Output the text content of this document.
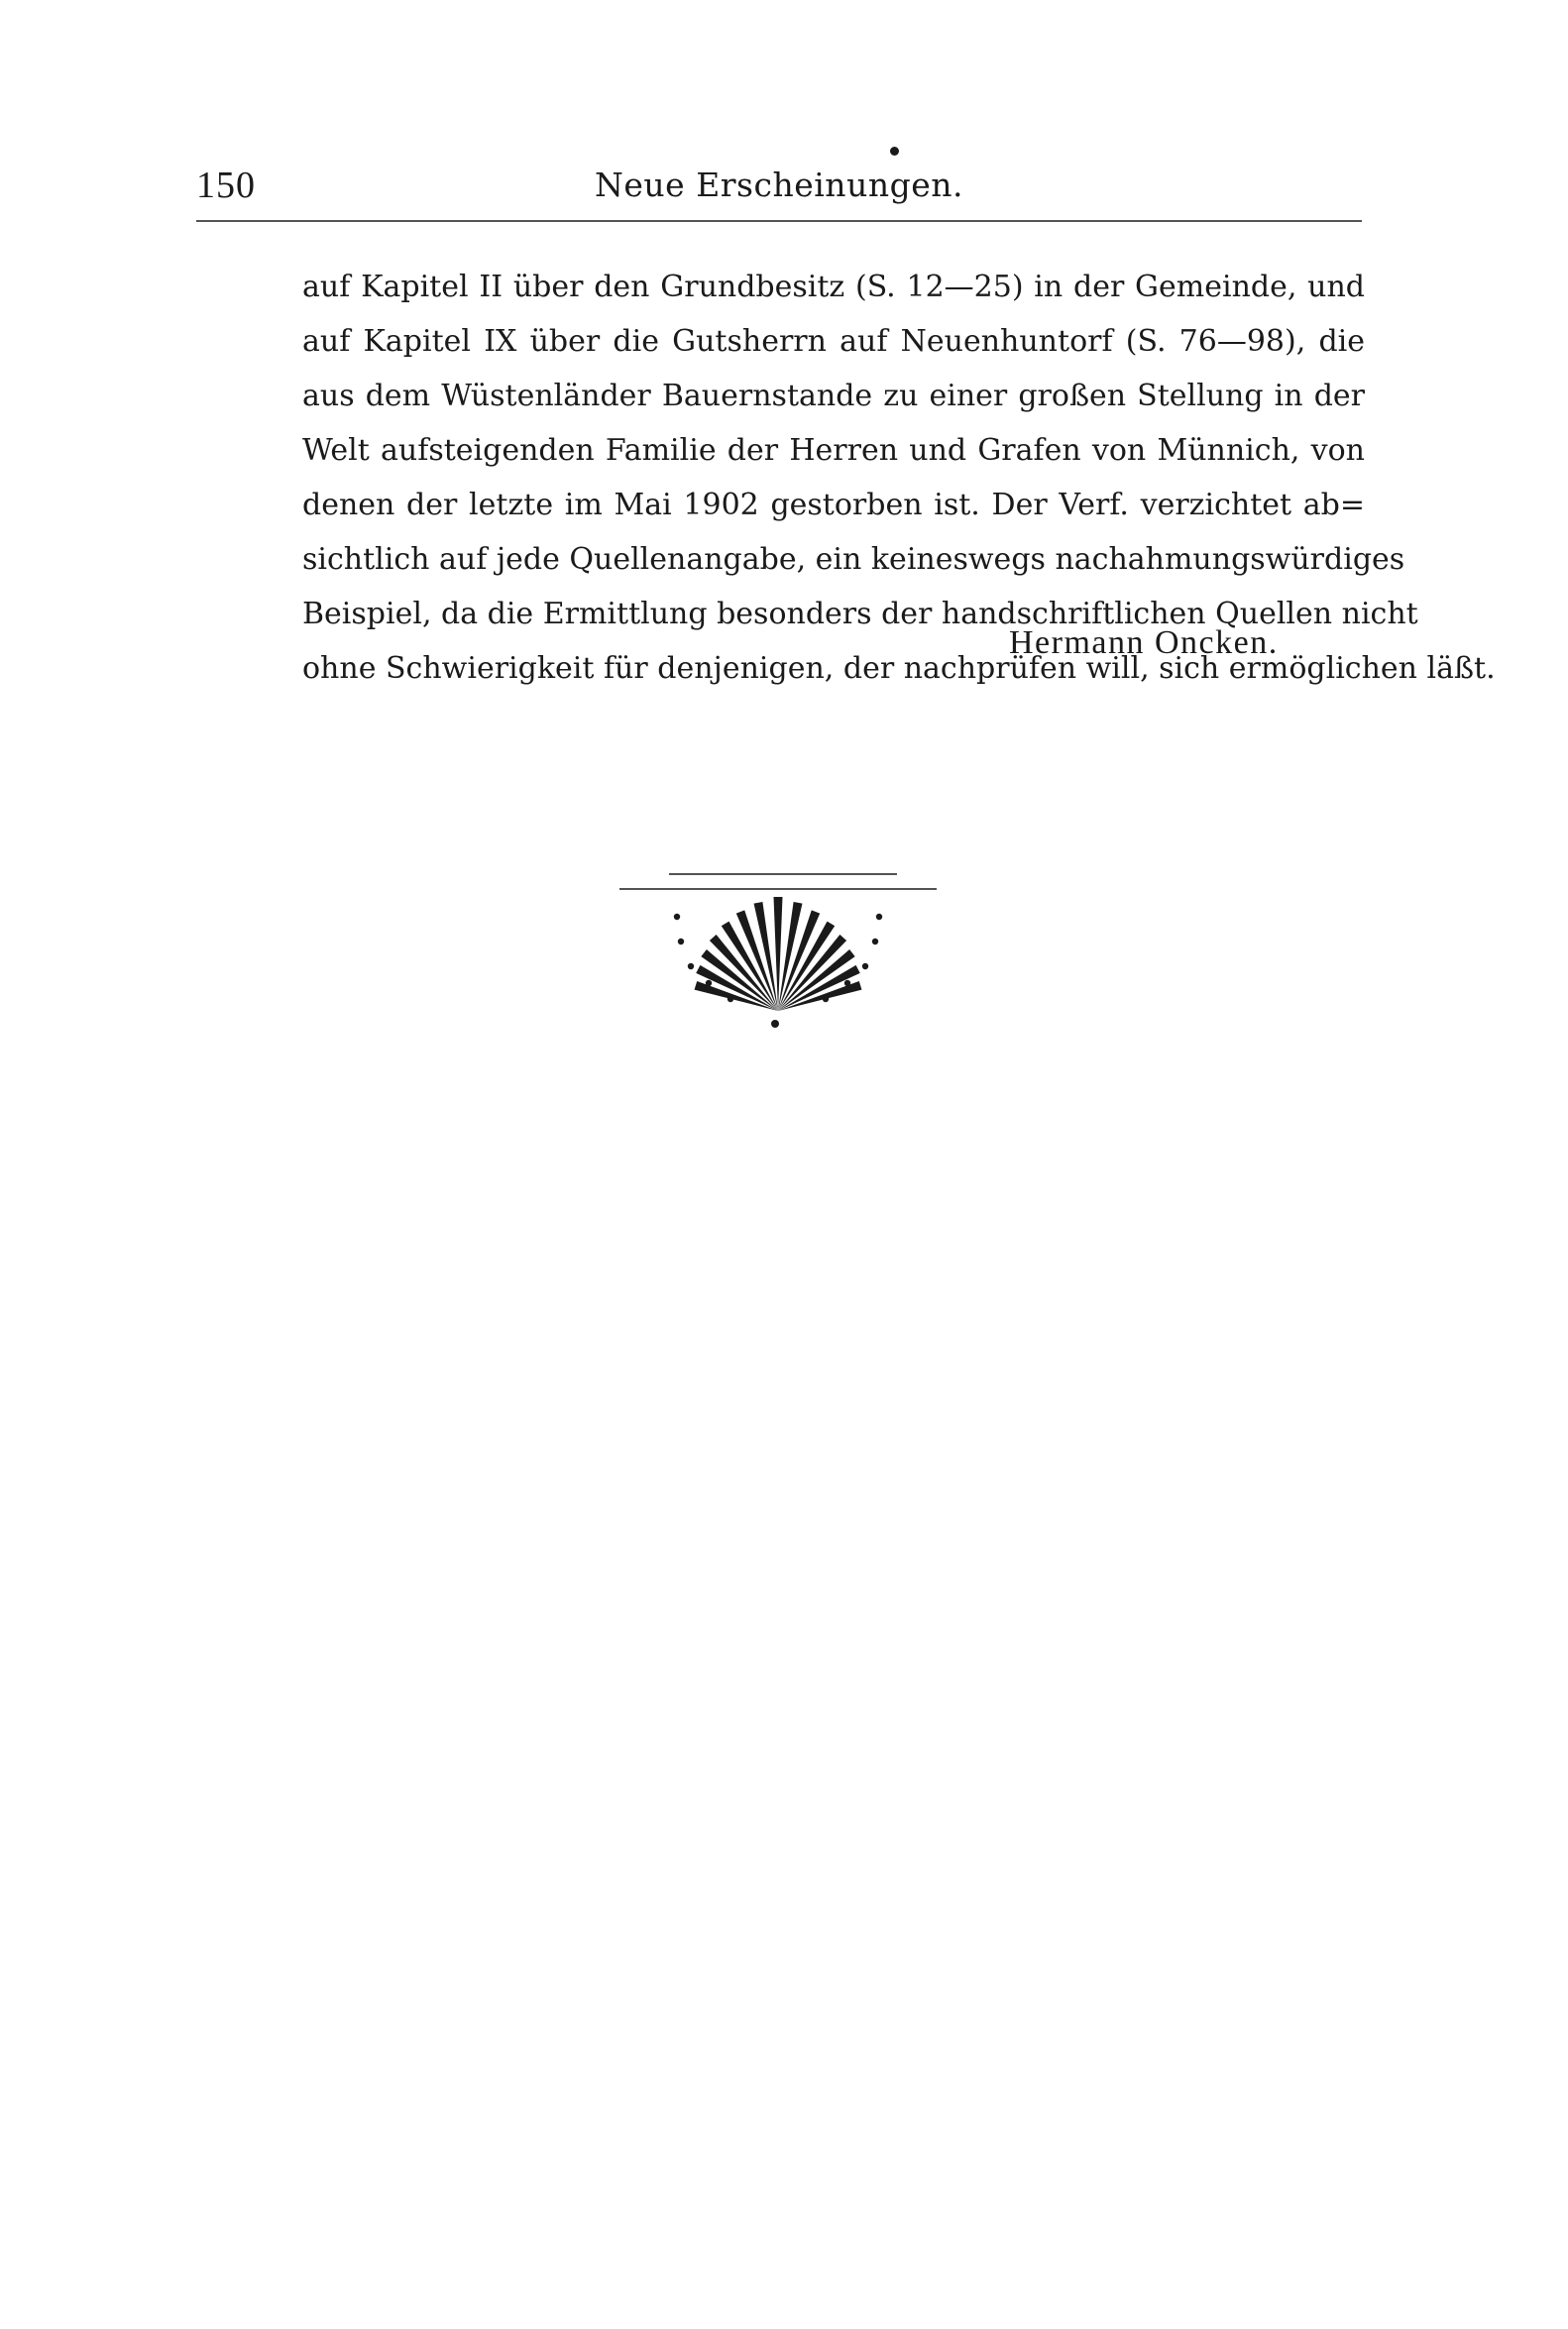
150	Neue Erscheinungen.
auf Kapitel II über den Grundbesitz (S. 12—25) in der Gemeinde, und
auf Kapitel IX über die Gutsherrn auf Neuenhuntorf (S. 76—98), die
aus dem Wüstenländer Bauernstande zu einer großen Stellung in der
Welt aufsteigenden Familie der Herren und Grafen von Münnich, von
denen der letzte im Mai 1902 gestorben ist. Der Verf. verzichtet ab=
sichtlich auf jede Quellenangabe, ein keineswegs nachahmungswürdiges
Beispiel, da die Ermittlung besonders der handschriftlichen Quellen nicht
ohne Schwierigkeit für denjenigen, der nachprüfen will, sich ermöglichen läßt.
Hermann Oncken.
